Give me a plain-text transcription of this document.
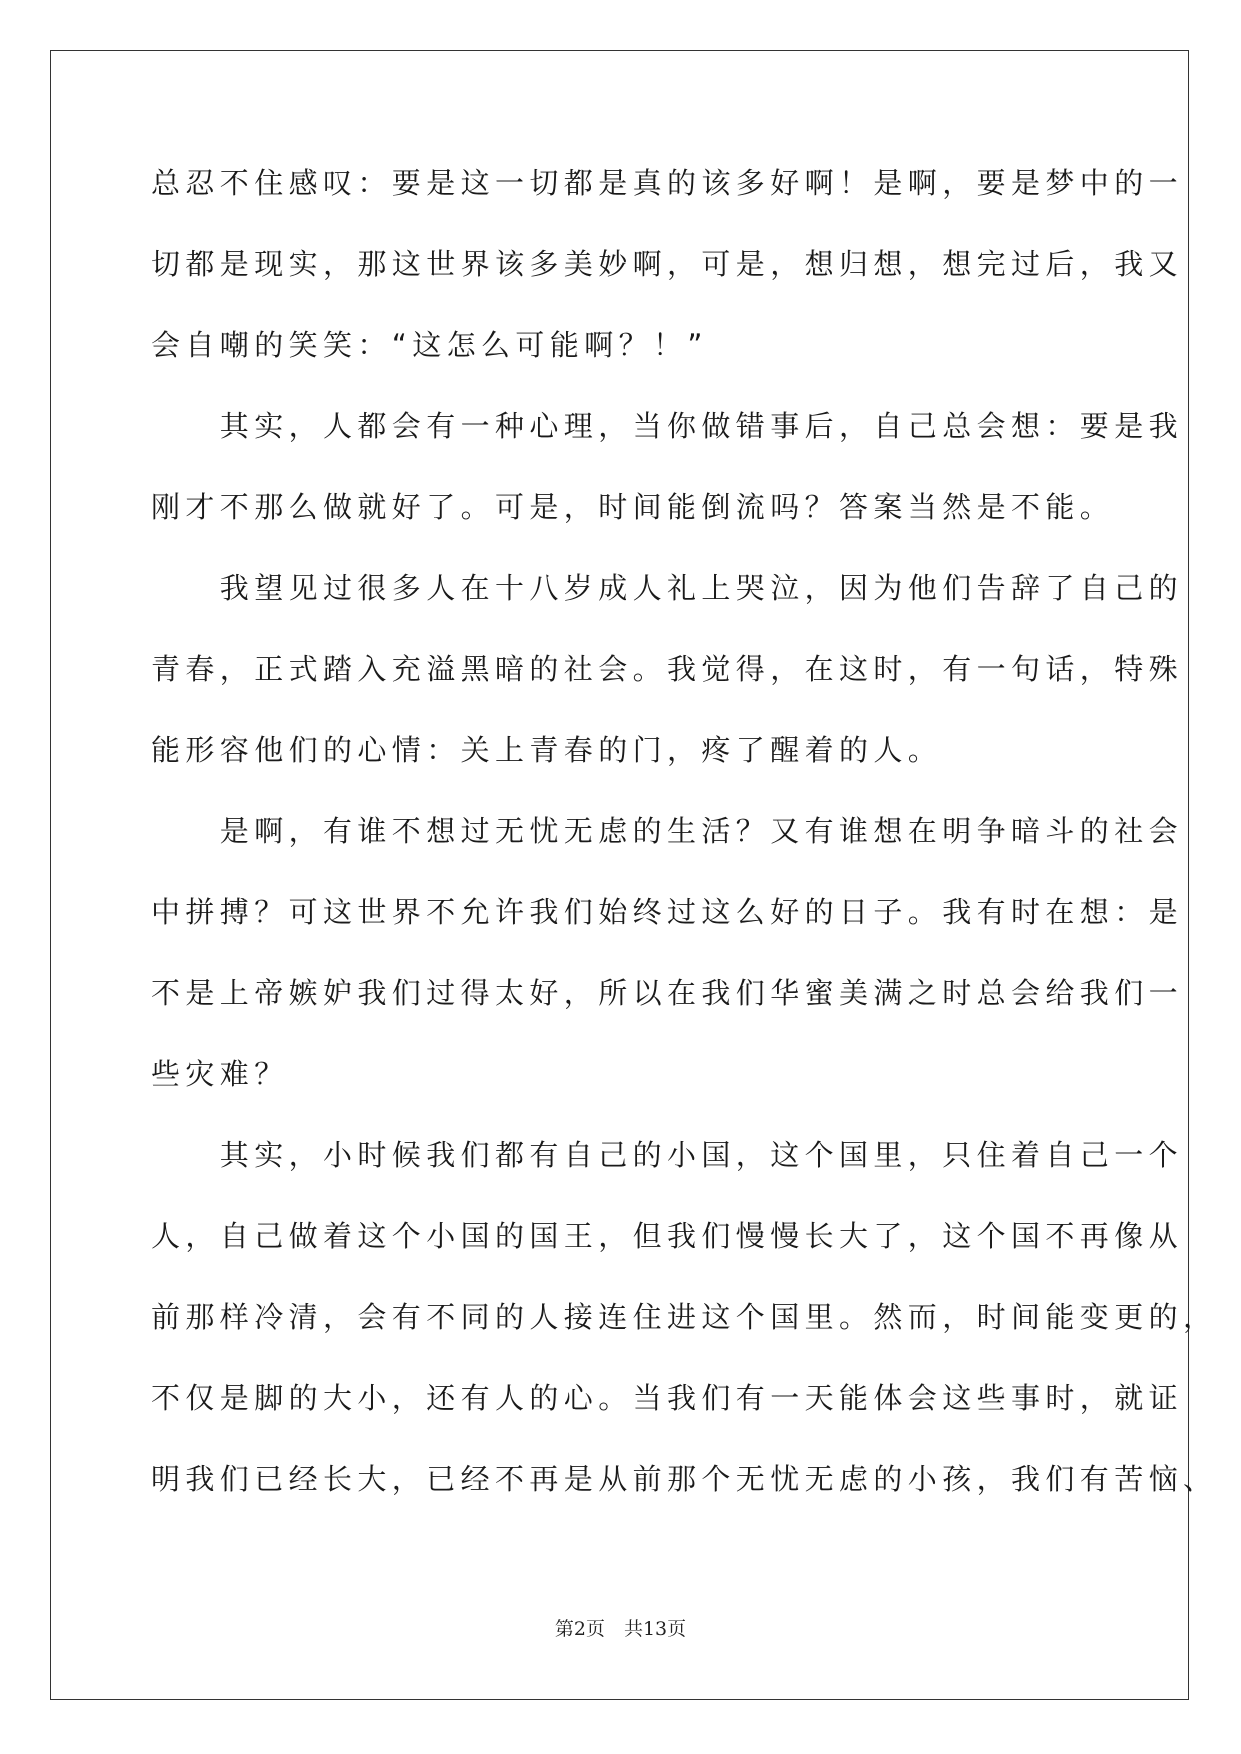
总忍不住感叹：要是这一切都是真的该多好啊！是啊，要是梦中的一
切都是现实，那这世界该多美妙啊，可是，想归想，想完过后，我又
会自嘲的笑笑：“这怎么可能啊？！”
　　其实，人都会有一种心理，当你做错事后，自己总会想：要是我
刚才不那么做就好了。可是，时间能倒流吗？答案当然是不能。
　　我望见过很多人在十八岁成人礼上哭泣，因为他们告辞了自己的
青春，正式踏入充溢黑暗的社会。我觉得，在这时，有一句话，特殊
能形容他们的心情：关上青春的门，疼了醒着的人。
　　是啊，有谁不想过无忧无虑的生活？又有谁想在明争暗斗的社会
中拼搏？可这世界不允许我们始终过这么好的日子。我有时在想：是
不是上帝嫉妒我们过得太好，所以在我们华蜜美满之时总会给我们一
些灾难？
　　其实，小时候我们都有自己的小国，这个国里，只住着自己一个
人，自己做着这个小国的国王，但我们慢慢长大了，这个国不再像从
前那样冷清，会有不同的人接连住进这个国里。然而，时间能变更的，
不仅是脚的大小，还有人的心。当我们有一天能体会这些事时，就证
明我们已经长大，已经不再是从前那个无忧无虑的小孩，我们有苦恼、
第2页　共13页
